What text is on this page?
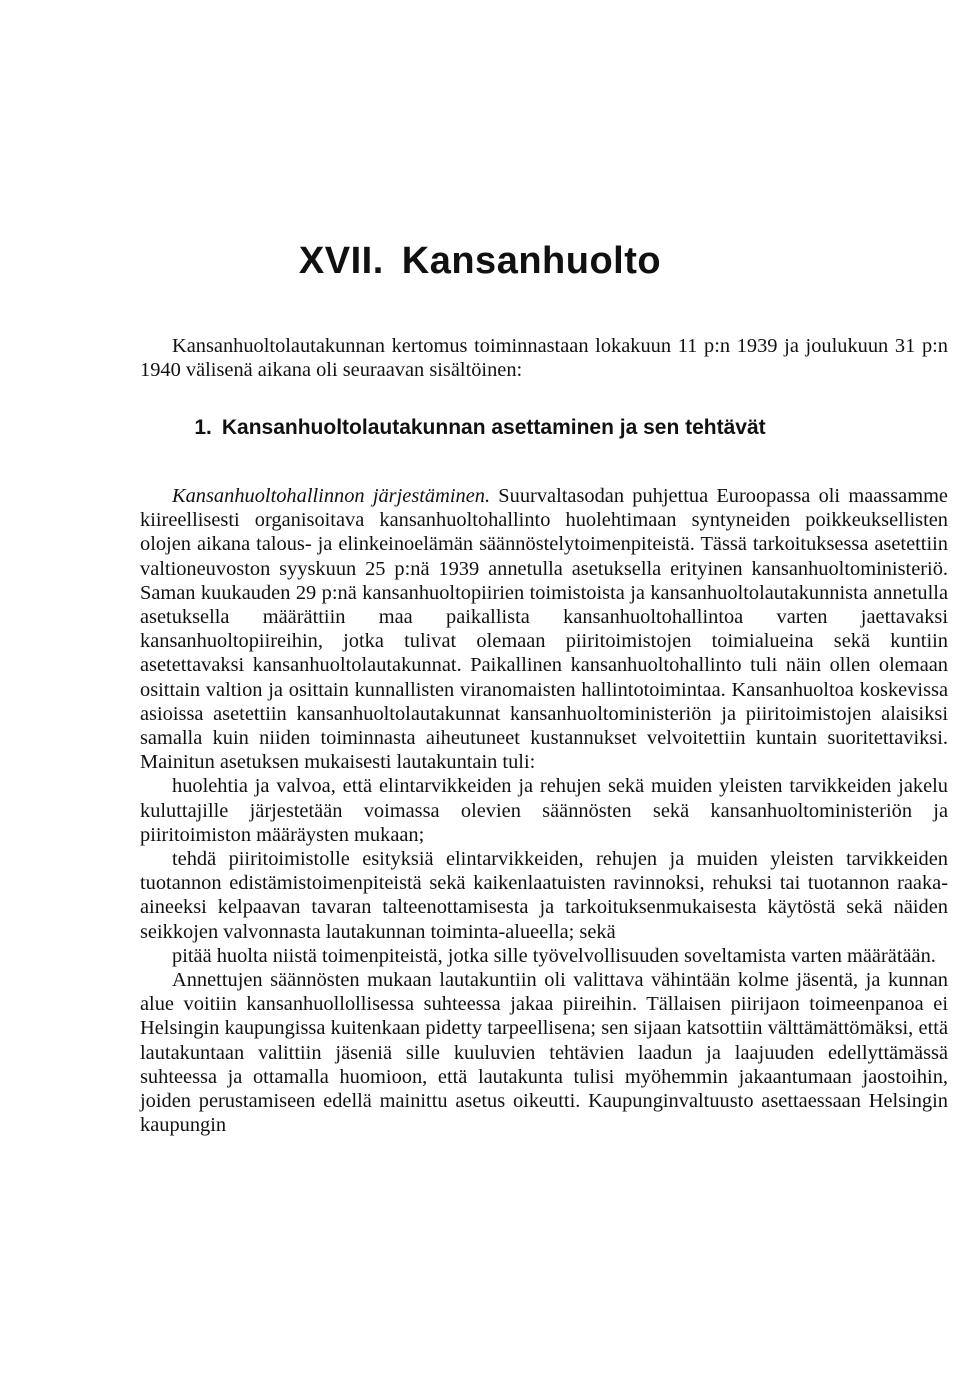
XVII. Kansanhuolto

Kansanhuoltolautakunnan kertomus toiminnastaan lokakuun 11 p:n 1939 ja joulukuun 31 p:n 1940 välisenä aikana oli seuraavan sisältöinen:

1. Kansanhuoltolautakunnan asettaminen ja sen tehtävät

Kansanhuoltohallinnon järjestäminen. Suurvaltasodan puhjettua Euroopassa oli maassamme kiireellisesti organisoitava kansanhuoltohallinto huolehtimaan syntyneiden poikkeuksellisten olojen aikana talous- ja elinkeinoelämän säännöstelytoimenpiteistä. Tässä tarkoituksessa asetettiin valtioneuvoston syyskuun 25 p:nä 1939 annetulla asetuksella erityinen kansanhuoltoministeriö. Saman kuukauden 29 p:nä kansanhuoltopiirien toimistoista ja kansanhuoltolautakunnista annetulla asetuksella määrättiin maa paikallista kansanhuoltohallintoa varten jaettavaksi kansanhuoltopiireihin, jotka tulivat olemaan piiritoimistojen toimialueina sekä kuntiin asetettavaksi kansanhuoltolautakunnat. Paikallinen kansanhuoltohallinto tuli näin ollen olemaan osittain valtion ja osittain kunnallisten viranomaisten hallintotoimintaa. Kansanhuoltoa koskevissa asioissa asetettiin kansanhuoltolautakunnat kansanhuoltoministeriön ja piiritoimistojen alaisiksi samalla kuin niiden toiminnasta aiheutuneet kustannukset velvoitettiin kuntain suoritettaviksi. Mainitun asetuksen mukaisesti lautakuntain tuli:

huolehtia ja valvoa, että elintarvikkeiden ja rehujen sekä muiden yleisten tarvikkeiden jakelu kuluttajille järjestetään voimassa olevien säännösten sekä kansanhuoltoministeriön ja piiritoimiston määräysten mukaan;

tehdä piiritoimistolle esityksiä elintarvikkeiden, rehujen ja muiden yleisten tarvikkeiden tuotannon edistämistoimenpiteistä sekä kaikenlaatuisten ravinnoksi, rehuksi tai tuotannon raaka-aineeksi kelpaavan tavaran talteenottamisesta ja tarkoituksenmukaisesta käytöstä sekä näiden seikkojen valvonnasta lautakunnan toiminta-alueella; sekä

pitää huolta niistä toimenpiteistä, jotka sille työvelvollisuuden soveltamista varten määrätään.

Annettujen säännösten mukaan lautakuntiin oli valittava vähintään kolme jäsentä, ja kunnan alue voitiin kansanhuollollisessa suhteessa jakaa piireihin. Tällaisen piirijaon toimeenpanoa ei Helsingin kaupungissa kuitenkaan pidetty tarpeellisena; sen sijaan katsottiin välttämättömäksi, että lautakuntaan valittiin jäseniä sille kuuluvien tehtävien laadun ja laajuuden edellyttämässä suhteessa ja ottamalla huomioon, että lautakunta tulisi myöhemmin jakaantumaan jaostoihin, joiden perustamiseen edellä mainittu asetus oikeutti. Kaupunginvaltuusto asettaessaan Helsingin kaupungin
